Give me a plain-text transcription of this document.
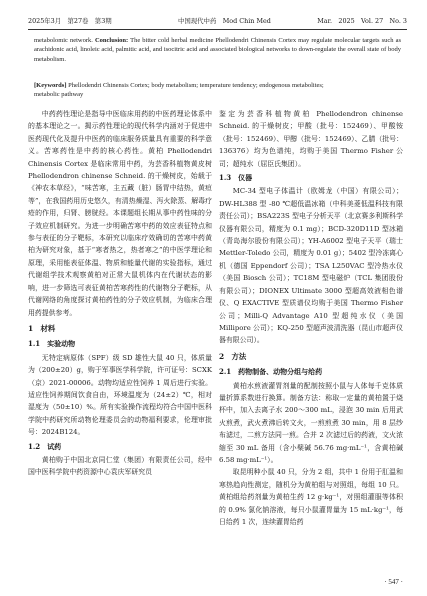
2025年3月　第27卷　第3期	中国现代中药　Mod Chin Med	Mar.　2025　Vol. 27　No. 3
metabolomic network. Conclusion: The bitter cold herbal medicine Phellodendri Chinensis Cortex may regulate molecular targets such as arachidonic acid, linoleic acid, palmitic acid, and isocitric acid and associated biological networks to down-regulate the overall state of body metabolism.
[Keywords] Phellodendri Chinensis Cortex; body metabolism; temperature tendency; endogenous metabolites;
metabolic pathway

中药药性理论是指导中医临床用药的中医药理论体系中的基本理论之一。揭示药性理论的现代科学内涵对于促进中医药现代化及提升中医药的临床服务质量具有重要的科学意义。苦寒药性是中药的核心药性。黄柏 Phellodendri Chinensis Cortex 是临床常用中药，为芸香科植物黄皮树 Phellodendron chinense Schneid. 的干燥树皮，始载于《神农本草经》，“味苦寒，主五藏（脏）肠胃中结热，黄疸等”，在我国药用历史悠久，有清热燥湿、泻火除蒸、解毒疗疮的作用，归肾、膀胱经。本课题组长期从事中药性味的分子效应机制研究。为进一步明确苦寒中药的效应表征特点和参与表征的分子靶标，本研究以临床疗效确切的苦寒中药黄柏为研究对象，基于“寒者热之，热者寒之”的中医学理论和原理，采用能表征体温、物质和能量代谢的实验指标，通过代谢组学技术观察黄柏对正常大鼠机体内在代谢状态的影响，进一步筛选可表征黄柏苦寒药性的代谢物分子靶标，从代谢网络的角度探讨黄柏药性的分子效应机制，为临床合理用药提供参考。

1　材料
1.1　实验动物

无特定病原体（SPF）级 SD 雄性大鼠 40 只，体质量为（200±20）g，购于军事医学科学院，许可证号：SCXK（京）2021-00006。动物均适应性饲养 1 周后进行实验。适应性饲养期间饮食自由，环境温度为（24±2）℃，相对湿度为（50±10）%。所有实验操作流程均符合中国中医科学院中药研究所动物伦理委员会的动物福利要求，伦理审批号：2024B124。

1.2　试药

黄柏购于中国北京同仁堂（集团）有限责任公司，经中国中医科学院中药资源中心袁庆军研究员

鉴定为芸香科植物黄柏 Phellodendron chinense Schneid. 的干燥树皮；甲酸（批号：152469）、甲酸铵（批号：152469）、甲醇（批号：152469）、乙腈（批号：136376）均为色谱纯，均购于美国 Thermo Fisher 公司；超纯水（屈臣氏集团）。

1.3　仪器

MC-34 型电子体温计（欧姆龙（中国）有限公司）；DW-HL388 型 -80 ℃超低温冰箱（中科美菱低温科技有限责任公司）；BSA223S 型电子分析天平（北京赛多利斯科学仪器有限公司，精度为 0.1 mg）；BCD-320D11D 型冰箱（青岛海尔股份有限公司）；YH-A6002 型电子天平（瑞士 Mettler-Toledo 公司，精度为 0.01 g）；5402 型冷冻离心机（德国 Eppendorf 公司）；TSA L250VAC 型冷热水仪（美国 Biosch 公司）；TC18M 型电磁炉（TCL 集团股份有限公司）；DIONEX Ultimate 3000 型超高效液相色谱仪、Q EXACTIVE 型质谱仪均购于美国 Thermo Fisher 公司；Milli-Q Advantage A10 型超纯水仪（美国 Millipore 公司）；KQ-250 型超声波清洗器（昆山市超声仪器有限公司）。

2　方法
2.1　药物制备、动物分组与给药

黄柏水煎液灌胃剂量的配制按照小鼠与人体每千克体质量折算系数进行换算。制备方法：称取一定量的黄柏置于烧杯中，加入去离子水 200～300 mL，浸泡 30 min 后用武火煎煮，武火煮沸后转文火，一煎煎煮 30 min，用 8 层纱布滤过，二煎方法同一煎。合并 2 次滤过后的药液，文火浓缩至 30 mL 备用（含小檗碱 56.76 mg·mL⁻¹，含黄柏碱 6.58 mg·mL⁻¹）。

取昆明种小鼠 40 只，分为 2 组，共中 1 份用于肛温和寒热趋向性测定，随机分为黄柏组与对照组，每组 10 只。黄柏组给药剂量为黄柏生药 12 g·kg⁻¹，对照组灌服等体积的 0.9% 氯化钠溶液，每只小鼠灌胃量为 15 mL·kg⁻¹，每日给药 1 次，连续灌胃给药

· 547 ·
